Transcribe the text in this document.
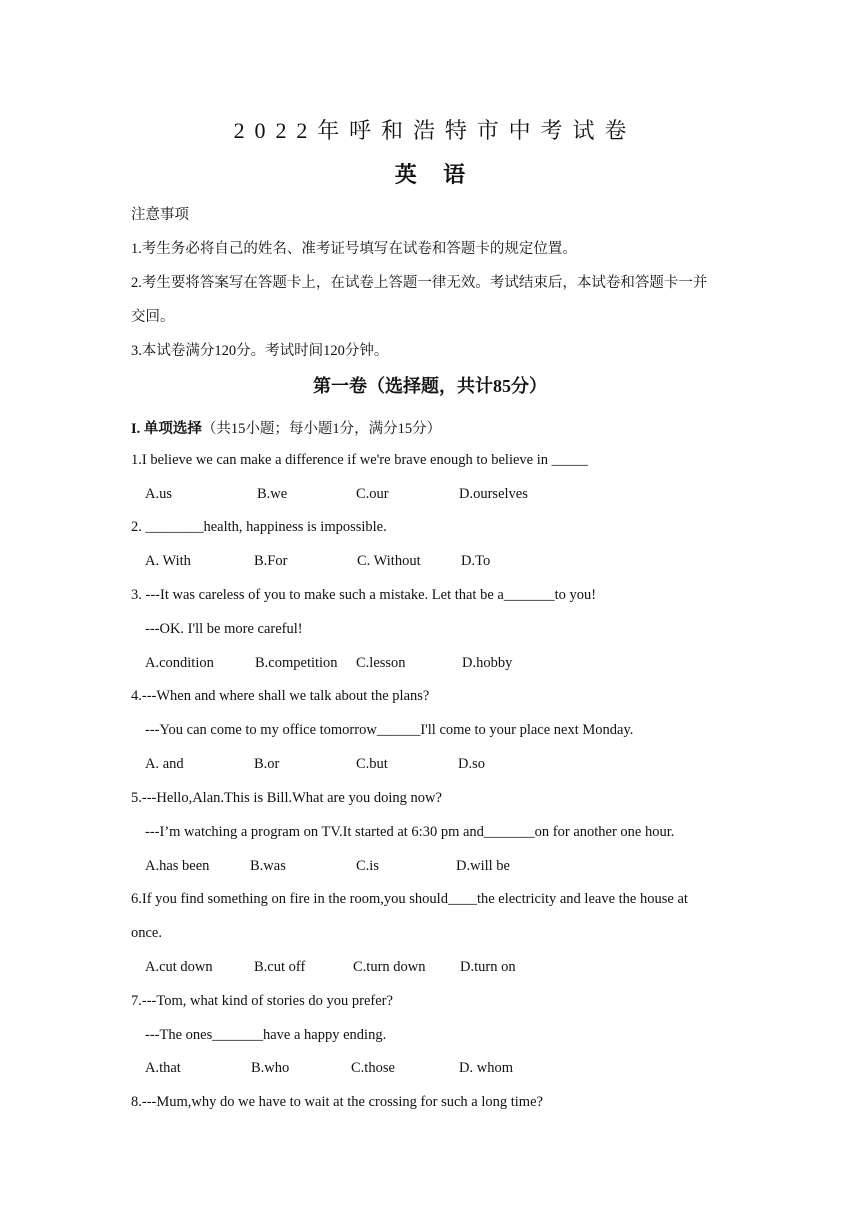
2022年呼和浩特市中考试卷
英语
注意事项
1.考生务必将自己的姓名、准考证号填写在试卷和答题卡的规定位置。
2.考生要将答案写在答题卡上，在试卷上答题一律无效。考试结束后，本试卷和答题卡一并
交回。
3.本试卷满分120分。考试时间120分钟。
第一卷（选择题，共计85分）
I. 单项选择（共15小题；每小题1分，满分15分）
1.I believe we can make a difference if we're brave enough to believe in _____
A.us	B.we	C.our	D.ourselves
2. ________health, happiness is impossible.
A. With	B.For	C. Without	D.To
3. ---It was careless of you to make such a mistake. Let that be a_______to you!
---OK. I'll be more careful!
A.condition	B.competition C.lesson	D.hobby
4.---When and where shall we talk about the plans?
---You can come to my office tomorrow______I'll come to your place next Monday.
A. and	B.or	C.but	D.so
5.---Hello,Alan.This is Bill.What are you doing now?
---I’m watching a program on TV.It started at 6:30 pm and_______on for another one hour.
A.has been	B.was	C.is	D.will be
6.If you find something on fire in the room,you should____the electricity and leave the house at
once.
A.cut down	B.cut off	C.turn down D.turn on
7.---Tom, what kind of stories do you prefer?
---The ones_______have a happy ending.
A.that	B.who	C.those	D. whom
8.---Mum,why do we have to wait at the crossing for such a long time?
